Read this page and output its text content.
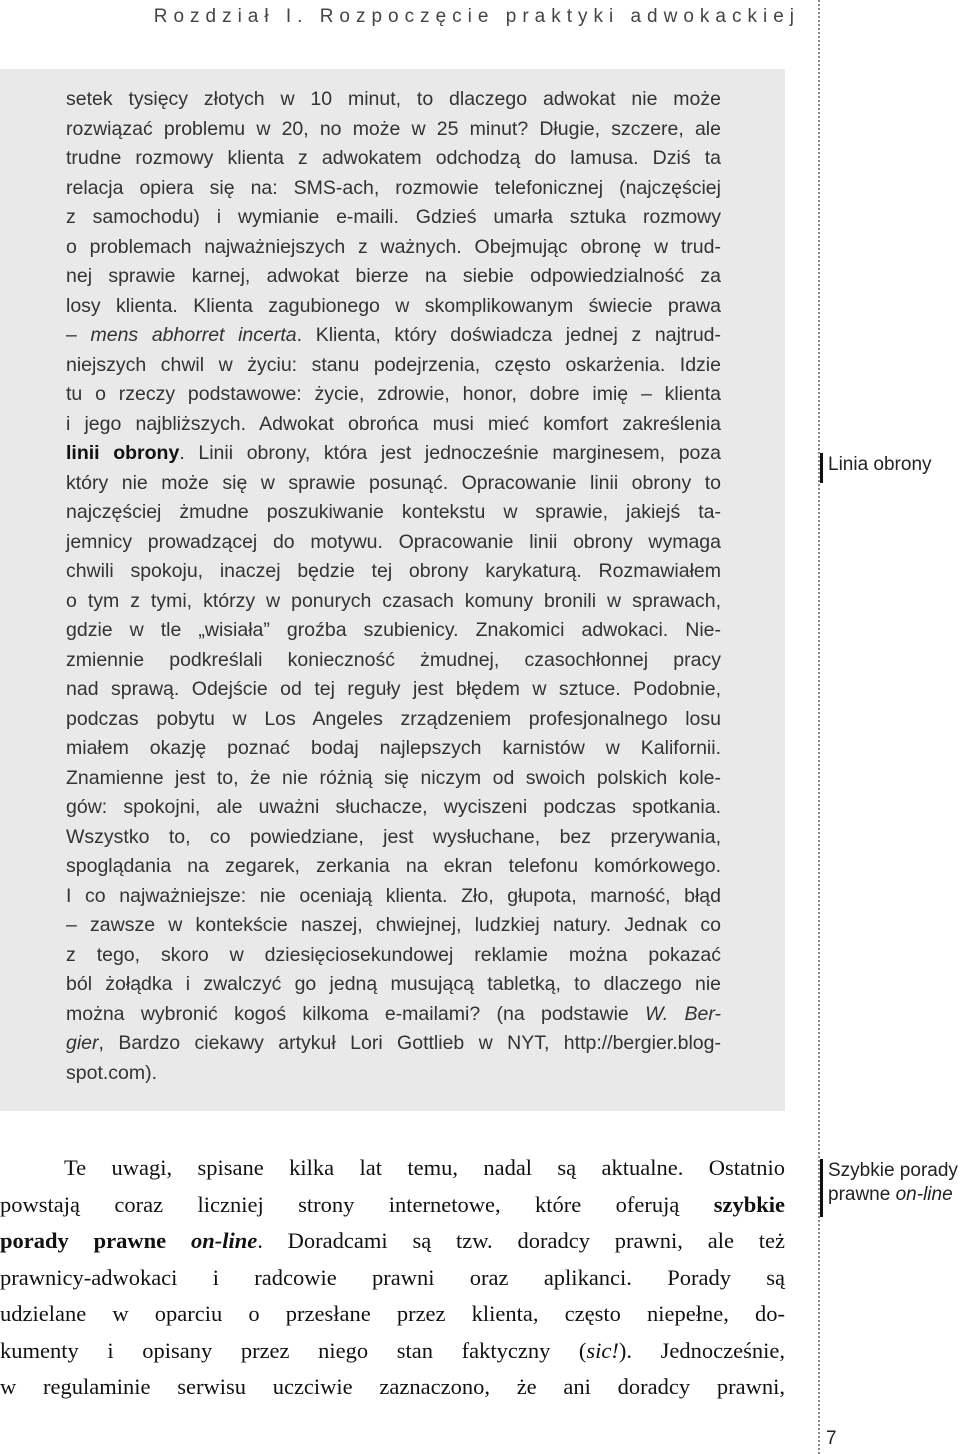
Rozdział I. Rozpoczęcie praktyki adwokackiej
setek tysięcy złotych w 10 minut, to dlaczego adwokat nie może
rozwiązać problemu w 20, no może w 25 minut? Długie, szczere, ale
trudne rozmowy klienta z adwokatem odchodzą do lamusa. Dziś ta
relacja opiera się na: SMS-ach, rozmowie telefonicznej (najczęściej
z samochodu) i wymianie e-maili. Gdzieś umarła sztuka rozmowy
o problemach najważniejszych z ważnych. Obejmując obronę w trud-
nej sprawie karnej, adwokat bierze na siebie odpowiedzialność za
losy klienta. Klienta zagubionego w skomplikowanym świecie prawa
– mens abhorret incerta. Klienta, który doświadcza jednej z najtrud-
niejszych chwil w życiu: stanu podejrzenia, często oskarżenia. Idzie
tu o rzeczy podstawowe: życie, zdrowie, honor, dobre imię – klienta
i jego najbliższych. Adwokat obrońca musi mieć komfort zakreślenia
linii obrony. Linii obrony, która jest jednocześnie marginesem, poza
który nie może się w sprawie posunąć. Opracowanie linii obrony to
najczęściej żmudne poszukiwanie kontekstu w sprawie, jakiejś ta-
jemnicy prowadzącej do motywu. Opracowanie linii obrony wymaga
chwili spokoju, inaczej będzie tej obrony karykaturą. Rozmawiałem
o tym z tymi, którzy w ponurych czasach komuny bronili w sprawach,
gdzie w tle „wisiała” groźba szubienicy. Znakomici adwokaci. Nie-
zmiennie podkreślali konieczność żmudnej, czasochłonnej pracy
nad sprawą. Odejście od tej reguły jest błędem w sztuce. Podobnie,
podczas pobytu w Los Angeles zrządzeniem profesjonalnego losu
miałem okazję poznać bodaj najlepszych karnistów w Kalifornii.
Znamienne jest to, że nie różnią się niczym od swoich polskich kole-
gów: spokojni, ale uważni słuchacze, wyciszeni podczas spotkania.
Wszystko to, co powiedziane, jest wysłuchane, bez przerywania,
spoglądania na zegarek, zerkania na ekran telefonu komórkowego.
I co najważniejsze: nie oceniają klienta. Zło, głupota, marność, błąd
– zawsze w kontekście naszej, chwiejnej, ludzkiej natury. Jednak co
z tego, skoro w dziesięciosekundowej reklamie można pokazać
ból żołądka i zwalczyć go jedną musującą tabletką, to dlaczego nie
można wybronić kogoś kilkoma e-mailami? (na podstawie W. Ber-
gier, Bardzo ciekawy artykuł Lori Gottlieb w NYT, http://bergier.blog-
spot.com).
Linia obrony
Te uwagi, spisane kilka lat temu, nadal są aktualne. Ostatnio
powstają coraz liczniej strony internetowe, które oferują szybkie
porady prawne on-line. Doradcami są tzw. doradcy prawni, ale też
prawnicy-adwokaci i radcowie prawni oraz aplikanci. Porady są
udzielane w oparciu o przesłane przez klienta, często niepełne, do-
kumenty i opisany przez niego stan faktyczny (sic!). Jednocześnie,
w regulaminie serwisu uczciwie zaznaczono, że ani doradcy prawni,
Szybkie porady
prawne on-line
7
